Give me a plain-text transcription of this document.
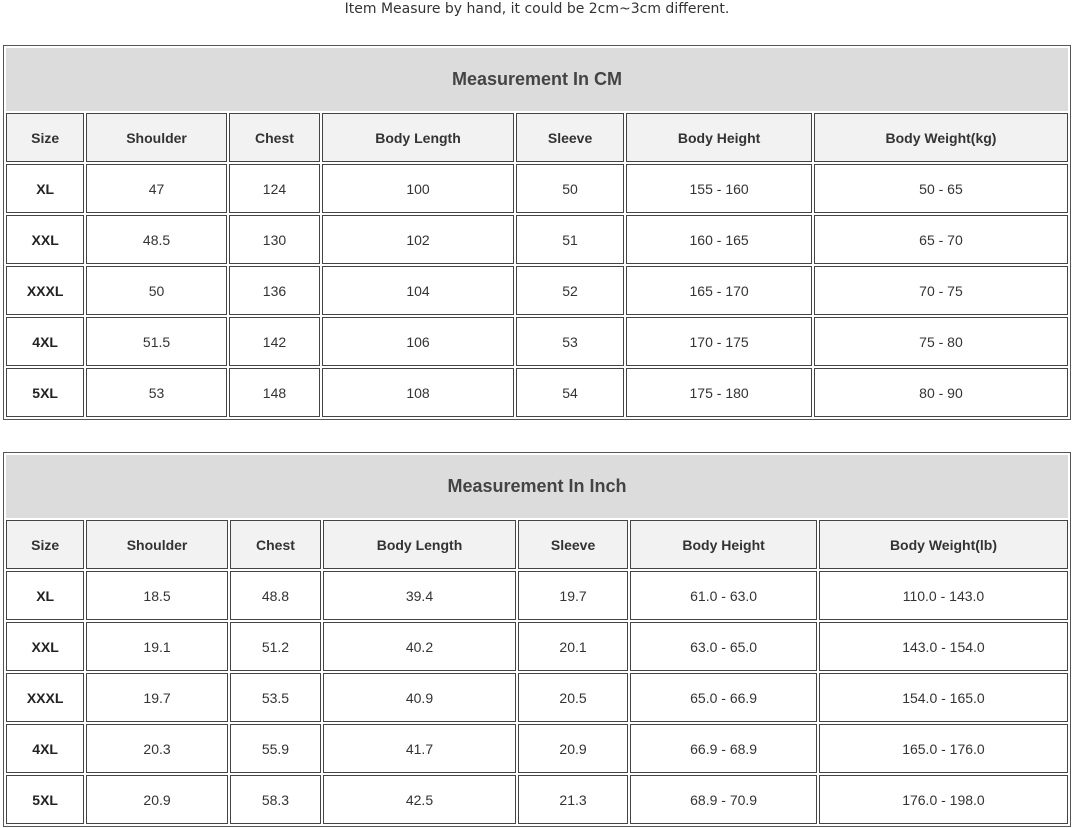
Item Measure by hand, it could be 2cm~3cm different.
Measurement In CM						
Size	Shoulder	Chest	Body Length	Sleeve	Body Height	Body Weight(kg)
XL	47	124	100	50	155 - 160	50 - 65
XXL	48.5	130	102	51	160 - 165	65 - 70
XXXL	50	136	104	52	165 - 170	70 - 75
4XL	51.5	142	106	53	170 - 175	75 - 80
5XL	53	148	108	54	175 - 180	80 - 90
Measurement In Inch						
Size	Shoulder	Chest	Body Length	Sleeve	Body Height	Body Weight(lb)
XL	18.5	48.8	39.4	19.7	61.0 - 63.0	110.0 - 143.0
XXL	19.1	51.2	40.2	20.1	63.0 - 65.0	143.0 - 154.0
XXXL	19.7	53.5	40.9	20.5	65.0 - 66.9	154.0 - 165.0
4XL	20.3	55.9	41.7	20.9	66.9 - 68.9	165.0 - 176.0
5XL	20.9	58.3	42.5	21.3	68.9 - 70.9	176.0 - 198.0
